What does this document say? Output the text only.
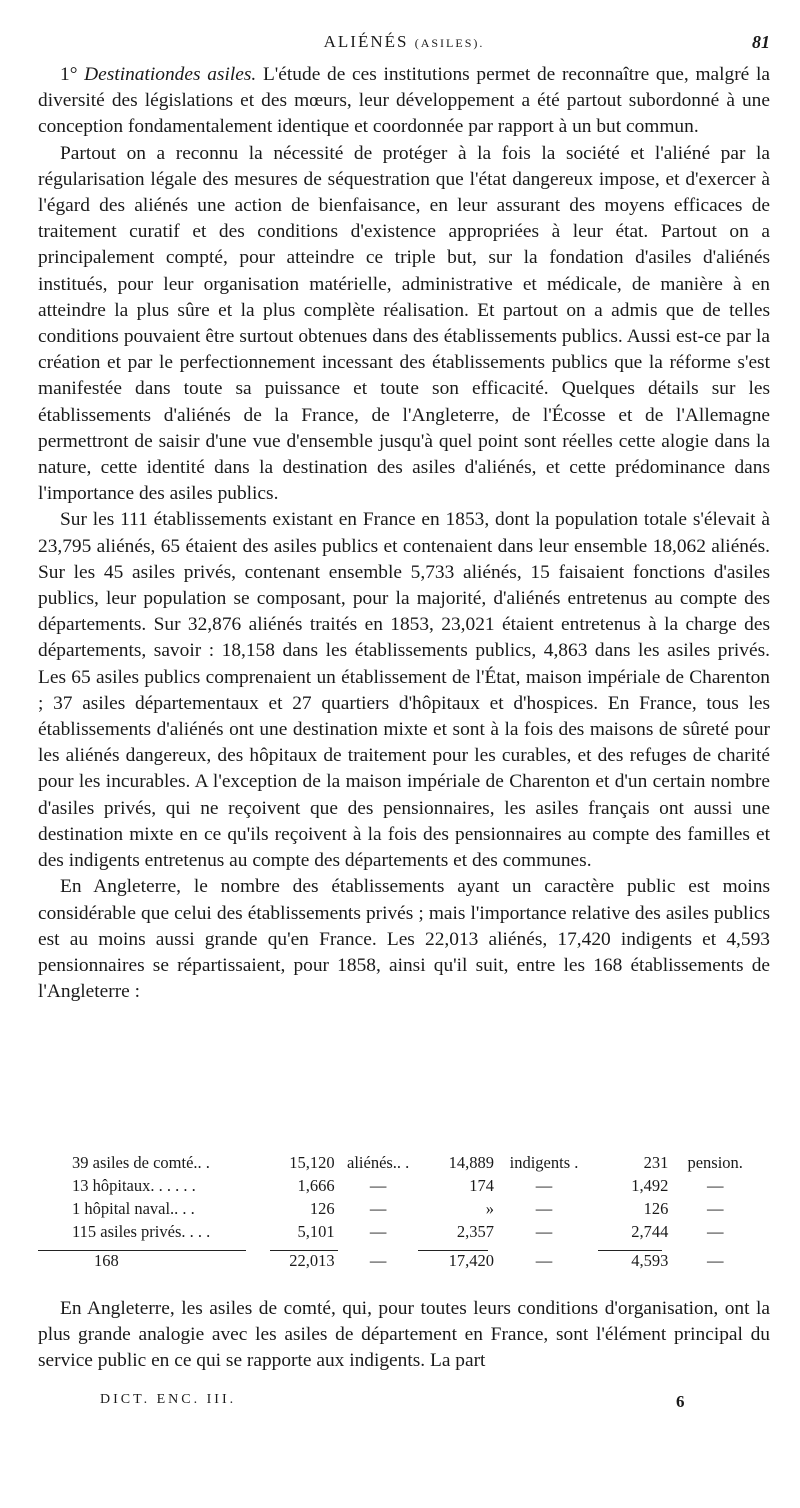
ALIÉNÉS (ASILES).	81

1° Destinationdes asiles. L'étude de ces institutions permet de reconnaître que, malgré la diversité des législations et des mœurs, leur développement a été partout subordonné à une conception fondamentalement identique et coordonnée par rapport à un but commun.

Partout on a reconnu la nécessité de protéger à la fois la société et l'aliéné par la régularisation légale des mesures de séquestration que l'état dangereux impose, et d'exercer à l'égard des aliénés une action de bienfaisance, en leur assurant des moyens efficaces de traitement curatif et des conditions d'existence appropriées à leur état. Partout on a principalement compté, pour atteindre ce triple but, sur la fondation d'asiles d'aliénés institués, pour leur organisation matérielle, administrative et médicale, de manière à en atteindre la plus sûre et la plus complète réalisation. Et partout on a admis que de telles conditions pouvaient être surtout obtenues dans des établissements publics. Aussi est-ce par la création et par le perfectionnement incessant des établissements publics que la réforme s'est manifestée dans toute sa puissance et toute son efficacité. Quelques détails sur les établissements d'aliénés de la France, de l'Angleterre, de l'Écosse et de l'Allemagne permettront de saisir d'une vue d'ensemble jusqu'à quel point sont réelles cette alogie dans la nature, cette identité dans la destination des asiles d'aliénés, et cette prédominance dans l'importance des asiles publics.

Sur les 111 établissements existant en France en 1853, dont la population totale s'élevait à 23,795 aliénés, 65 étaient des asiles publics et contenaient dans leur ensemble 18,062 aliénés. Sur les 45 asiles privés, contenant ensemble 5,733 aliénés, 15 faisaient fonctions d'asiles publics, leur population se composant, pour la majorité, d'aliénés entretenus au compte des départements. Sur 32,876 aliénés traités en 1853, 23,021 étaient entretenus à la charge des départements, savoir : 18,158 dans les établissements publics, 4,863 dans les asiles privés. Les 65 asiles publics comprenaient un établissement de l'État, maison impériale de Charenton ; 37 asiles départementaux et 27 quartiers d'hôpitaux et d'hospices. En France, tous les établissements d'aliénés ont une destination mixte et sont à la fois des maisons de sûreté pour les aliénés dangereux, des hôpitaux de traitement pour les curables, et des refuges de charité pour les incurables. A l'exception de la maison impériale de Charenton et d'un certain nombre d'asiles privés, qui ne reçoivent que des pensionnaires, les asiles français ont aussi une destination mixte en ce qu'ils reçoivent à la fois des pensionnaires au compte des familles et des indigents entretenus au compte des départements et des communes.

En Angleterre, le nombre des établissements ayant un caractère public est moins considérable que celui des établissements privés ; mais l'importance relative des asiles publics est au moins aussi grande qu'en France. Les 22,013 aliénés, 17,420 indigents et 4,593 pensionnaires se répartissaient, pour 1858, ainsi qu'il suit, entre les 168 établissements de l'Angleterre :

39 asiles de comté.. .	15,120	aliénés.. .	14,889	indigents .	231	pension.
13 hôpitaux. . . . . .	1,666	—	174	—	1,492	—
1 hôpital naval.. . .	126	—	»	—	126	—
115 asiles privés. . . .	5,101	—	2,357	—	2,744	—
168	22,013	—	17,420	—	4,593	—

En Angleterre, les asiles de comté, qui, pour toutes leurs conditions d'organisation, ont la plus grande analogie avec les asiles de département en France, sont l'élément principal du service public en ce qui se rapporte aux indigents. La part

DICT. ENC. III.	6
